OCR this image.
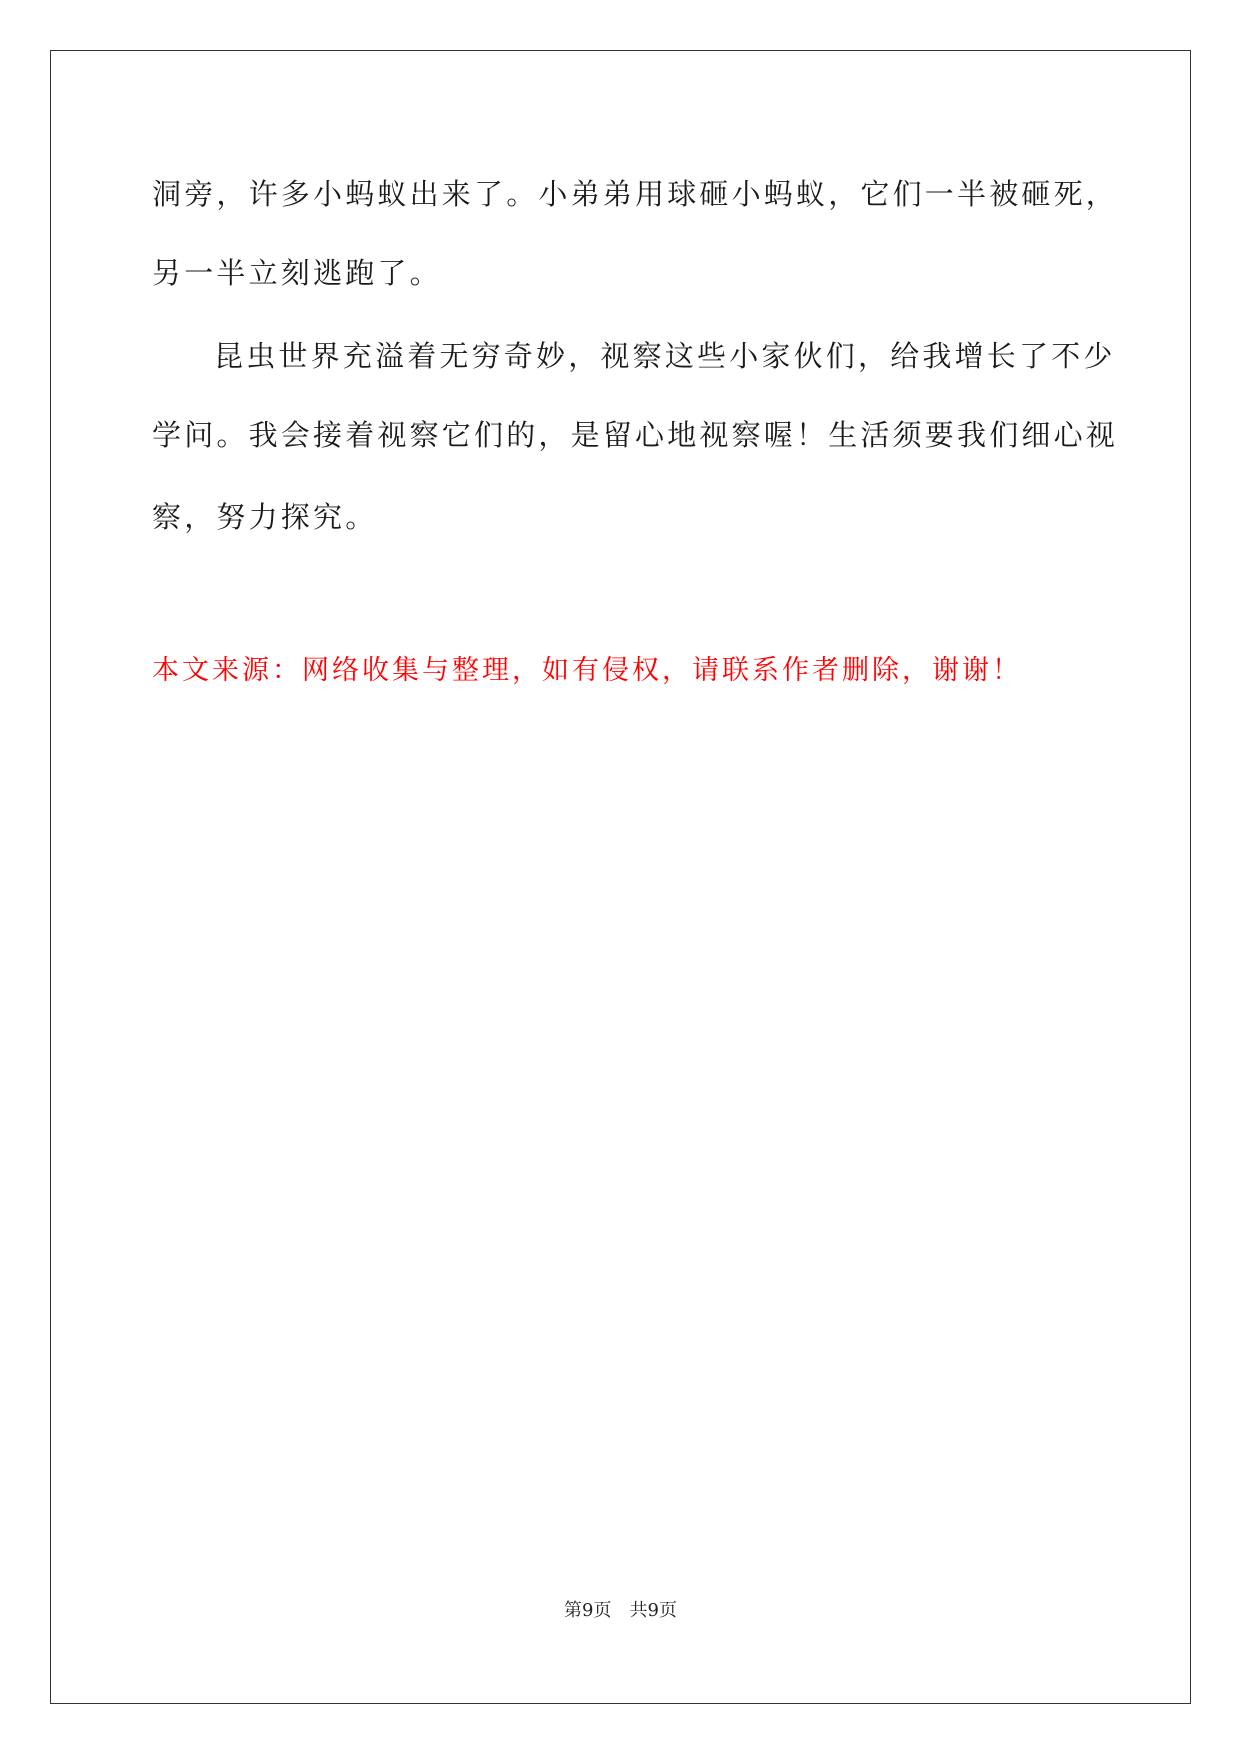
洞旁，许多小蚂蚁出来了。小弟弟用球砸小蚂蚁，它们一半被砸死，
另一半立刻逃跑了。
昆虫世界充溢着无穷奇妙，视察这些小家伙们，给我增长了不少
学问。我会接着视察它们的，是留心地视察喔！生活须要我们细心视
察，努力探究。
本文来源：网络收集与整理，如有侵权，请联系作者删除，谢谢！
第9页 共9页
